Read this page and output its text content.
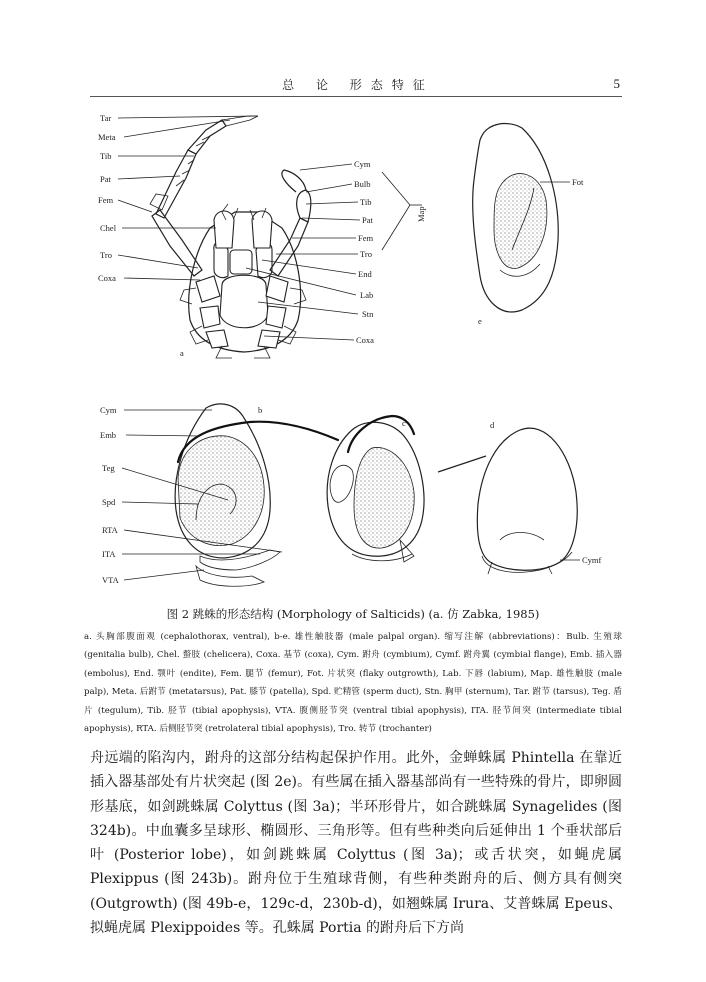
总 论 形态特征	5
Tar
Meta
Tib
Pat
Fem
Chel
Tro
Coxa
Cym
Bulb
Tib
Pat
Fem
Tro
End
Lab
Stn
Coxa
Map
a
Fot
e
Cym
Emb
Teg
Spd
RTA
ITA
VTA
b
c
Cymf
d

图 2 跳蛛的形态结构 (Morphology of Salticids) (a. 仿 Zabka, 1985)

a. 头胸部腹面观 (cephalothorax, ventral), b-e. 雄性触肢器 (male palpal organ). 缩写注解 (abbreviations)：Bulb. 生殖球 (genitalia bulb), Chel. 螯肢 (chelicera), Coxa. 基节 (coxa), Cym. 跗舟 (cymbium), Cymf. 跗舟翼 (cymbial flange), Emb. 插入器 (embolus), End. 颚叶 (endite), Fem. 腿节 (femur), Fot. 片状突 (flaky outgrowth), Lab. 下唇 (labium), Map. 雄性触肢 (male palp), Meta. 后跗节 (metatarsus), Pat. 膝节 (patella), Spd. 贮精管 (sperm duct), Stn. 胸甲 (sternum), Tar. 跗节 (tarsus), Teg. 盾片 (tegulum), Tib. 胫节 (tibial apophysis), VTA. 腹侧胫节突 (ventral tibial apophysis), ITA. 胫节间突 (intermediate tibial apophysis), RTA. 后侧胫节突 (retrolateral tibial apophysis), Tro. 转节 (trochanter)

舟远端的陷沟内，跗舟的这部分结构起保护作用。此外，金蝉蛛属 Phintella 在靠近插入器基部处有片状突起 (图 2e)。有些属在插入器基部尚有一些特殊的骨片，即卵圆形基底，如剑跳蛛属 Colyttus (图 3a)；半环形骨片，如合跳蛛属 Synagelides (图 324b)。中血囊多呈球形、椭圆形、三角形等。但有些种类向后延伸出 1 个垂状部后叶 (Posterior lobe)，如剑跳蛛属 Colyttus (图 3a)；或舌状突，如蝇虎属 Plexippus (图 243b)。跗舟位于生殖球背侧，有些种类跗舟的后、侧方具有侧突 (Outgrowth) (图 49b-e，129c-d，230b-d)，如翘蛛属 Irura、艾普蛛属 Epeus、拟蝇虎属 Plexippoides 等。孔蛛属 Portia 的跗舟后下方尚
